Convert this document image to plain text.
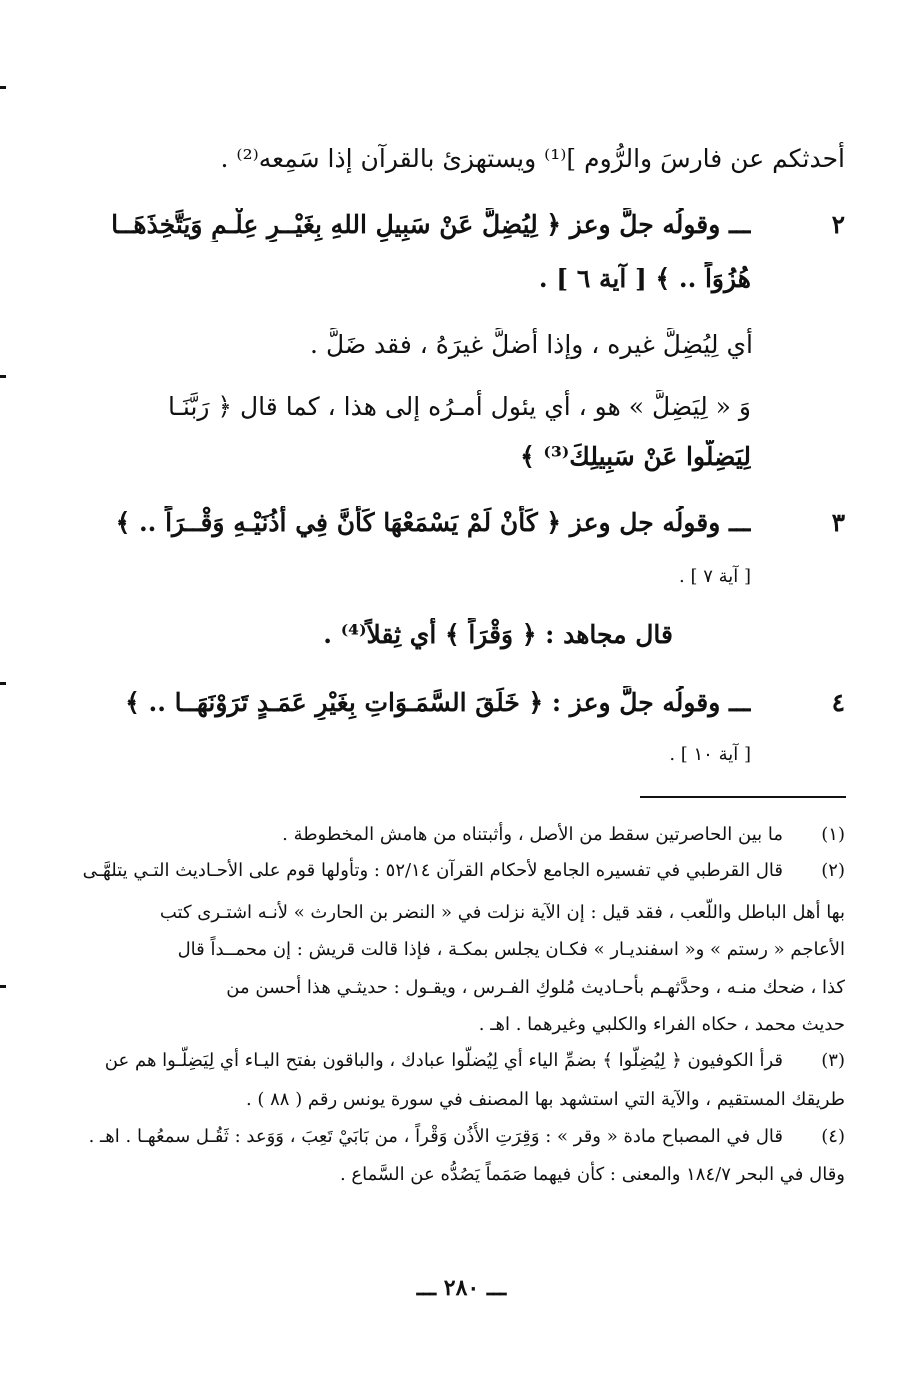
أحدثكم عن فارسَ والرُّوم ]⁽¹⁾ ويستهزئ بالقرآن إذا سَمِعه⁽²⁾ .
٢
ـــ وقولُه جلَّ وعز ﴿ لِيُضِلَّ عَنْ سَبِيلِ اللهِ بِغَيْــرِ عِلْـمٍ وَيَتَّخِذَهَــا
هُزُوَاً .. ﴾ [ آية ٦ ] .
أي لِيُضِلَّ غيره ، وإذا أضلَّ غيرَهُ ، فقد ضَلَّ .
وَ « لِيَضِلَّ » هو ، أي يئول أمـرُه إلى هذا ، كما قال ﴿ رَبَّنَـا
لِيَضِلُّوا عَنْ سَبِيلِكَ⁽³⁾ ﴾
٣
ـــ وقولُه جل وعز ﴿ كَأَنْ لَمْ يَسْمَعْهَا كَأَنَّ فِي أُذُنَيْـهِ وَقْــرَاً .. ﴾
[ آية ٧ ] .
قال مجاهد : ﴿ وَقْرَاً ﴾ أي ثِقلاً⁽⁴⁾ .
٤
ـــ وقولُه جلَّ وعز : ﴿ خَلَقَ السَّمَـوَاتِ بِغَيْرِ عَمَـدٍ تَرَوْنَهَــا .. ﴾
[ آية ١٠ ] .
(١)
ما بين الحاصرتين سقط من الأصل ، وأثبتناه من هامش المخطوطة .
(٢)
قال القرطبي في تفسيره الجامع لأحكام القرآن ٥٢/١٤ : وتأولها قوم على الأحـاديث التـي يتلهَّـى
بها أهل الباطل واللَّعب ، فقد قيل : إن الآية نزلت في « النضر بن الحارث » لأنـه اشتـرى كتب
الأعاجم « رستم » و« اسفنديـار » فكـان يجلس بمكـة ، فإذا قالت قريش : إن محمــداً قال
كذا ، ضحك منـه ، وحدَّثهـم بأحـاديث مُلوكِ الفـرس ، ويقـول : حديثـي هذا أحسن من
حديث محمد ، حكاه الفراء والكلبي وغيرهما . اهـ .
(٣)
قرأ الكوفيون ﴿ لِيُضِلُّوا ﴾ بضمِّ الياء أي لِيُضلُّوا عبادك ، والباقون بفتح اليـاء أي لِيَضِلُّـوا هم عن
طريقك المستقيم ، والآية التي استشهد بها المصنف في سورة يونس رقم ( ٨٨ ) .
(٤)
قال في المصباح مادة « وقر » : وَقِرَتِ الأُذُن وَقْراً ، من بَابَيْ تَعِبَ ، وَوَعد : ثَقُـل سمعُهـا . اهـ .
وقال في البحر ١٨٤/٧ والمعنى : كأن فيهما صَمَماً يَصُدُّه عن السَّماع .
ـــ ٢٨٠ ـــ
